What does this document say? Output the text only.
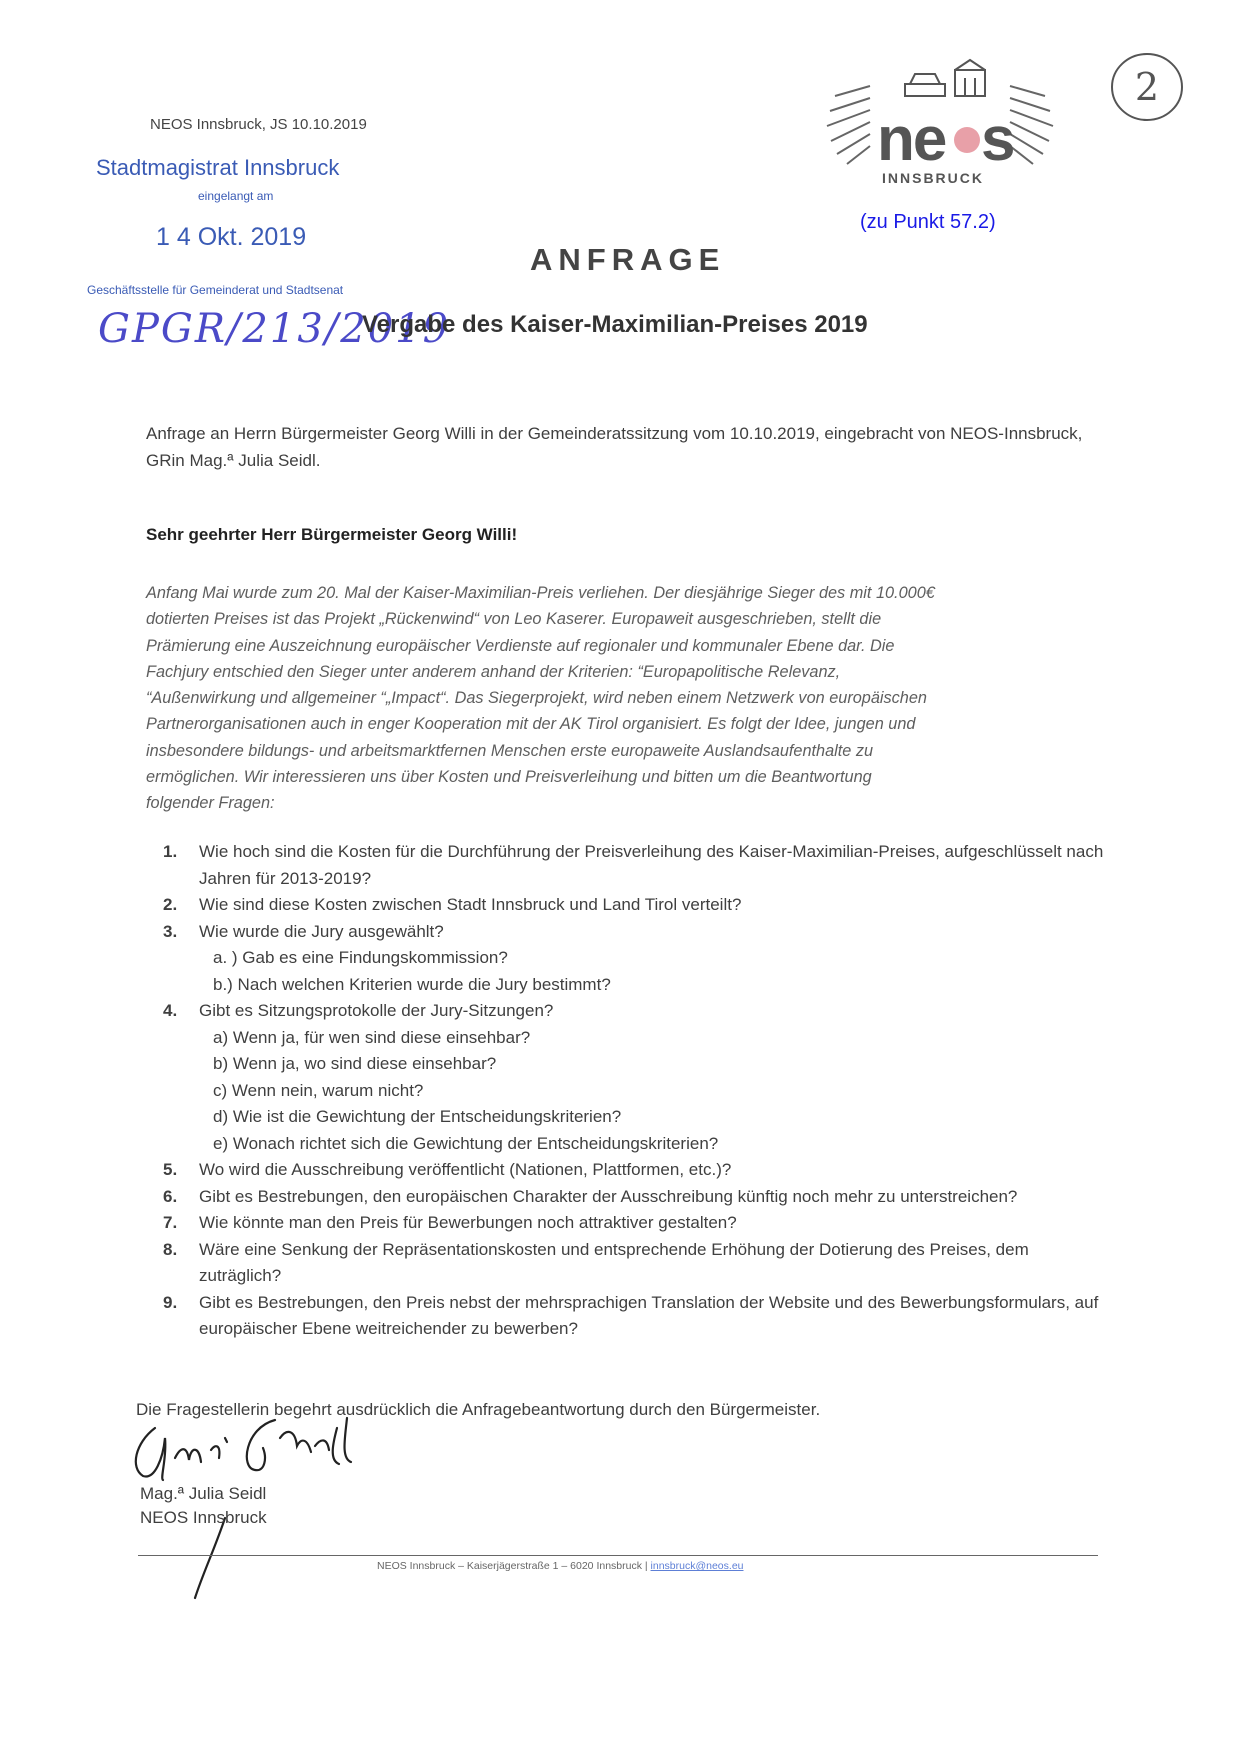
NEOS Innsbruck, JS 10.10.2019
Stadtmagistrat Innsbruck
eingelangt am
1 4 Okt. 2019
Geschäftsstelle für Gemeinderat und Stadtsenat
GPGR/213/2019
ne s
INNSBRUCK
2
(zu Punkt 57.2)
ANFRAGE
Vergabe des Kaiser-Maximilian-Preises 2019
Anfrage an Herrn Bürgermeister Georg Willi in der Gemeinderatssitzung vom 10.10.2019, eingebracht von NEOS-Innsbruck, GRin Mag.ª Julia Seidl.
Sehr geehrter Herr Bürgermeister Georg Willi!
Anfang Mai wurde zum 20. Mal der Kaiser-Maximilian-Preis verliehen. Der diesjährige Sieger des mit 10.000€
dotierten Preises ist das Projekt „Rückenwind“ von Leo Kaserer. Europaweit ausgeschrieben, stellt die
Prämierung eine Auszeichnung europäischer Verdienste auf regionaler und kommunaler Ebene dar. Die
Fachjury entschied den Sieger unter anderem anhand der Kriterien: “Europapolitische Relevanz,
“Außenwirkung und allgemeiner “„Impact“. Das Siegerprojekt, wird neben einem Netzwerk von europäischen
Partnerorganisationen auch in enger Kooperation mit der AK Tirol organisiert. Es folgt der Idee, jungen und
insbesondere bildungs- und arbeitsmarktfernen Menschen erste europaweite Auslandsaufenthalte zu
ermöglichen. Wir interessieren uns über Kosten und Preisverleihung und bitten um die Beantwortung
folgender Fragen:
1. Wie hoch sind die Kosten für die Durchführung der Preisverleihung des Kaiser-Maximilian-Preises, aufgeschlüsselt nach Jahren für 2013-2019?
2. Wie sind diese Kosten zwischen Stadt Innsbruck und Land Tirol verteilt?
3. Wie wurde die Jury ausgewählt?
a. ) Gab es eine Findungskommission?
b.) Nach welchen Kriterien wurde die Jury bestimmt?
4. Gibt es Sitzungsprotokolle der Jury-Sitzungen?
a) Wenn ja, für wen sind diese einsehbar?
b) Wenn ja, wo sind diese einsehbar?
c) Wenn nein, warum nicht?
d) Wie ist die Gewichtung der Entscheidungskriterien?
e) Wonach richtet sich die Gewichtung der Entscheidungskriterien?
5. Wo wird die Ausschreibung veröffentlicht (Nationen, Plattformen, etc.)?
6. Gibt es Bestrebungen, den europäischen Charakter der Ausschreibung künftig noch mehr zu unterstreichen?
7. Wie könnte man den Preis für Bewerbungen noch attraktiver gestalten?
8. Wäre eine Senkung der Repräsentationskosten und entsprechende Erhöhung der Dotierung des Preises, dem zuträglich?
9. Gibt es Bestrebungen, den Preis nebst der mehrsprachigen Translation der Website und des Bewerbungsformulars, auf europäischer Ebene weitreichender zu bewerben?
Die Fragestellerin begehrt ausdrücklich die Anfragebeantwortung durch den Bürgermeister.
Mag.ª Julia Seidl
NEOS Innsbruck
NEOS Innsbruck – Kaiserjägerstraße 1 – 6020 Innsbruck | innsbruck@neos.eu
